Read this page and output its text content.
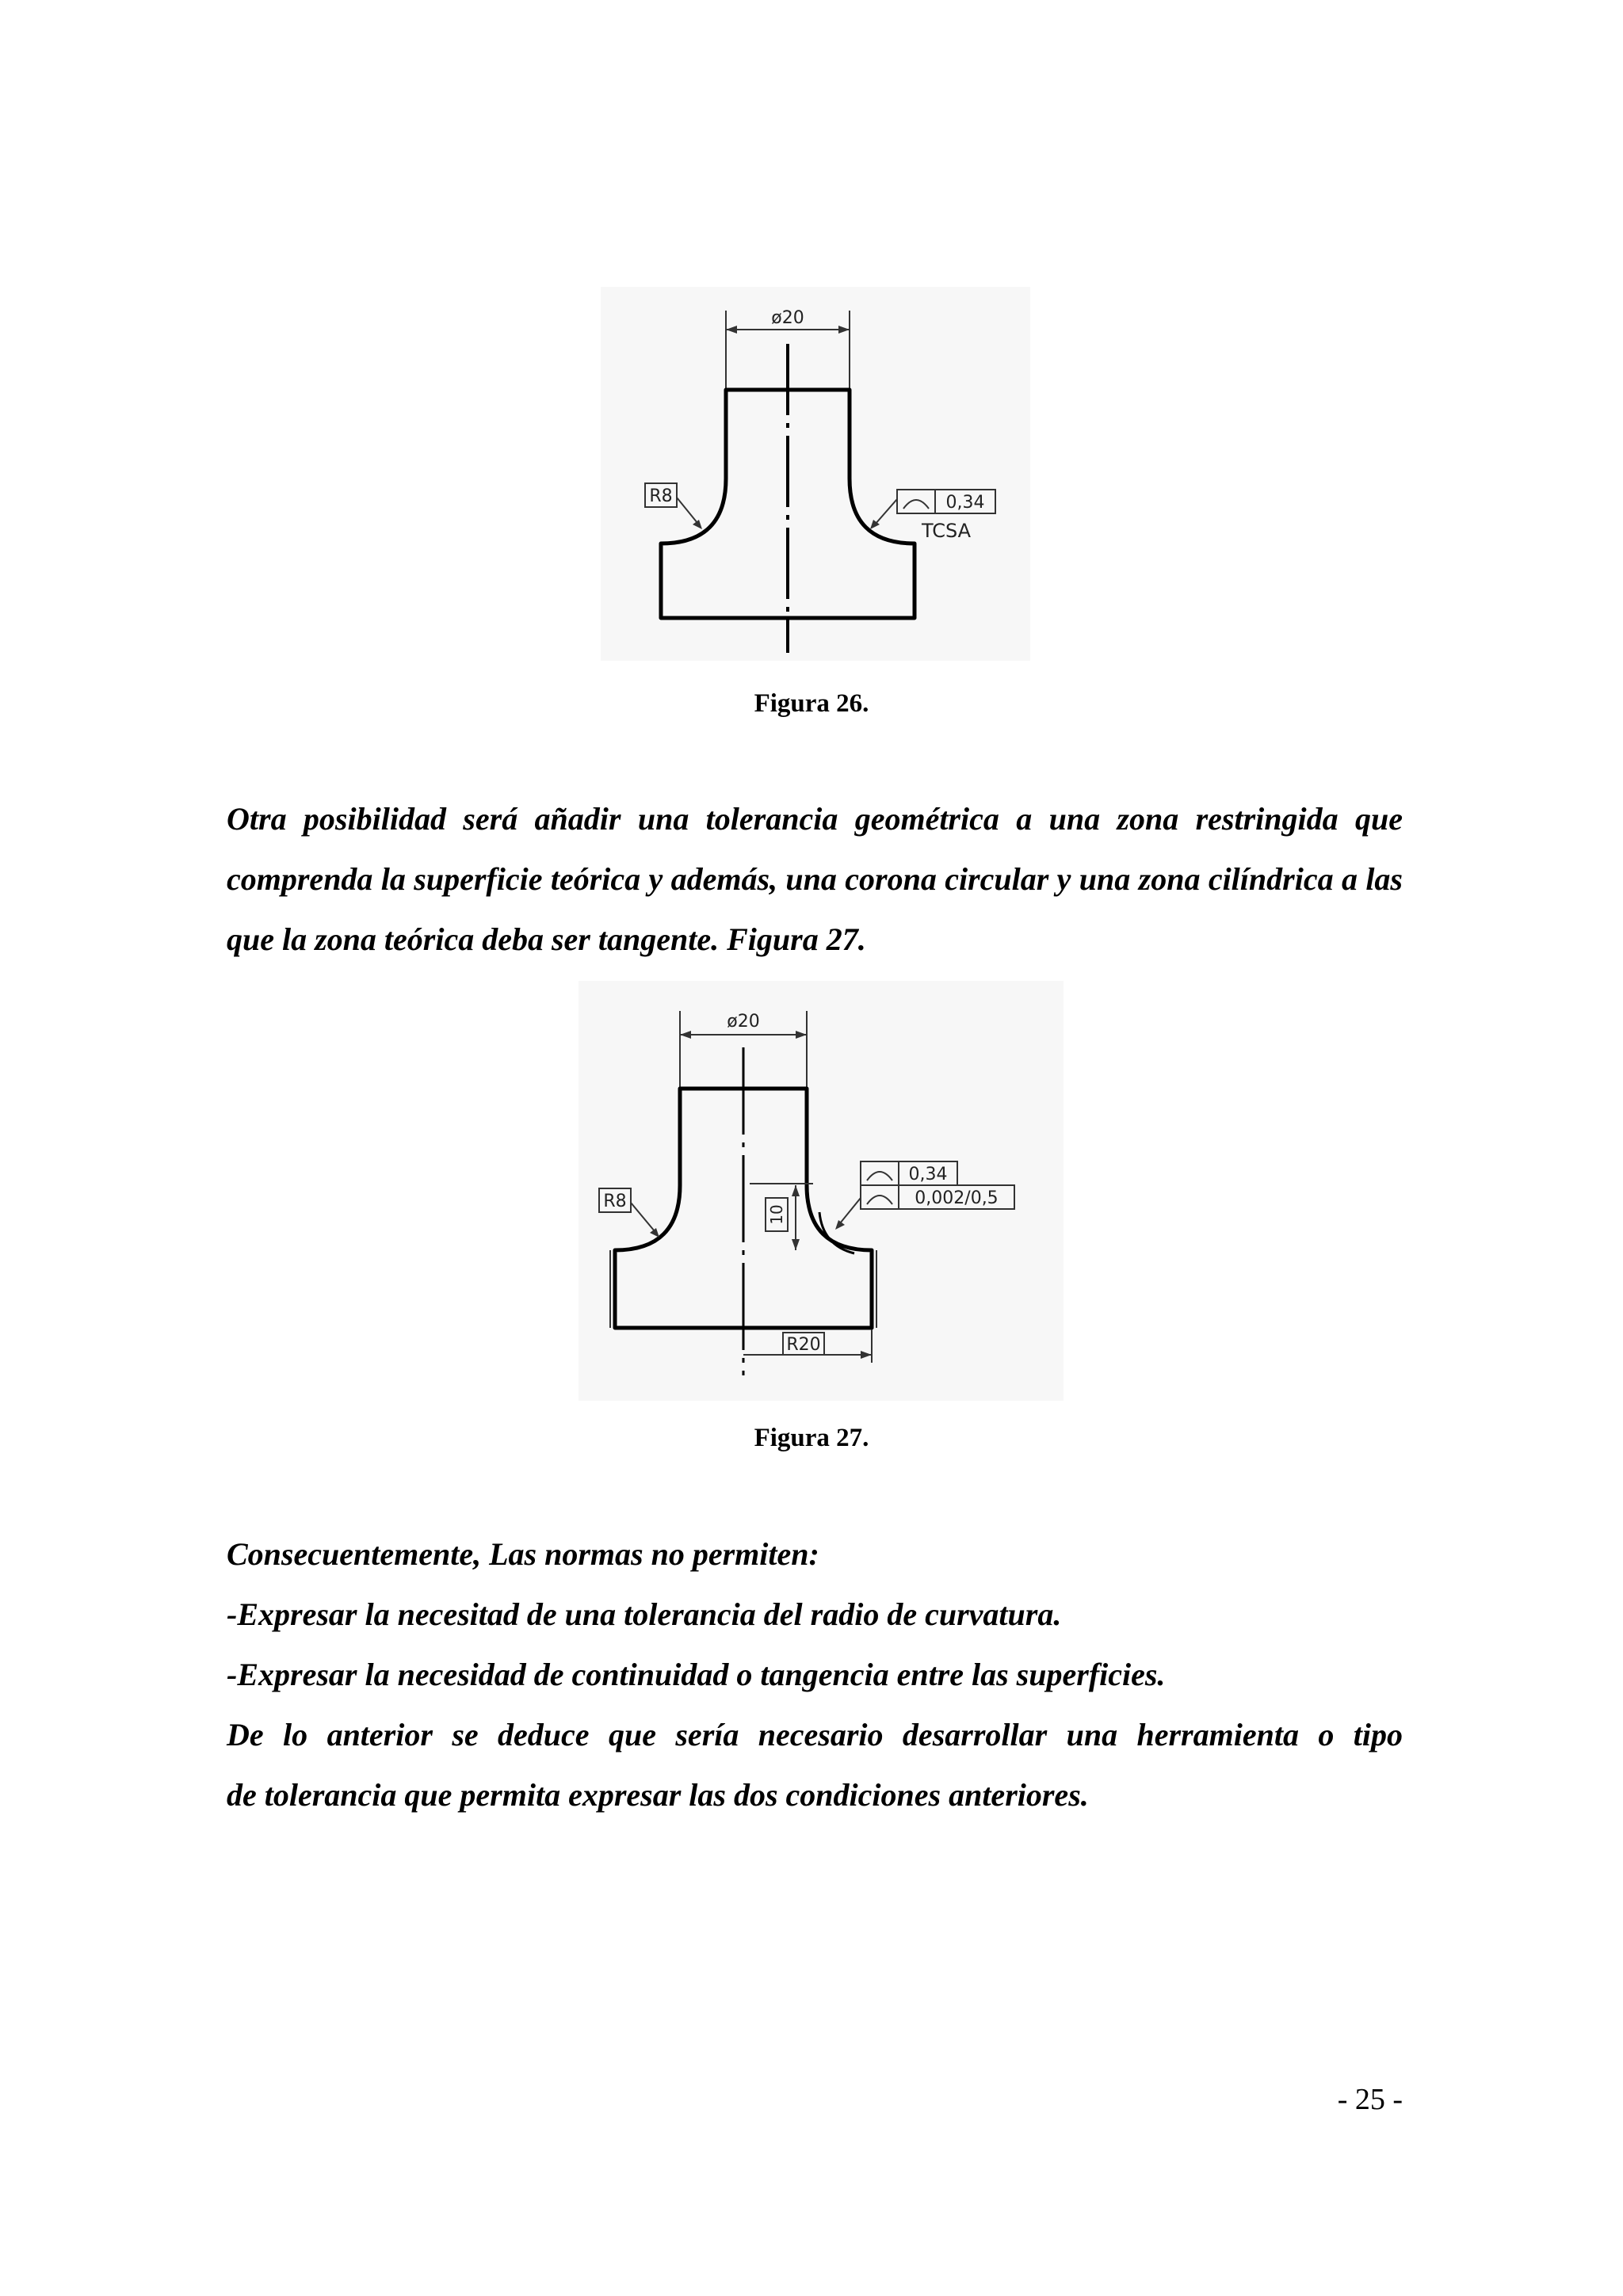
ø20
R8	0,34
TCSA
Figura 26.

Otra posibilidad será añadir una tolerancia geométrica a una zona restringida que comprenda la superficie teórica y además, una corona circular y una zona cilíndrica a las que la zona teórica deba ser tangente. Figura 27.

ø20
R8
10
0,34
0,002/0,5
R20
Figura 27.
Consecuentemente, Las normas no permiten:
-Expresar la necesitad de una tolerancia del radio de curvatura.
-Expresar la necesidad de continuidad o tangencia entre las superficies.
De lo anterior se deduce que sería necesario desarrollar una herramienta o tipo
de tolerancia que permita expresar las dos condiciones anteriores.
- 25 -
